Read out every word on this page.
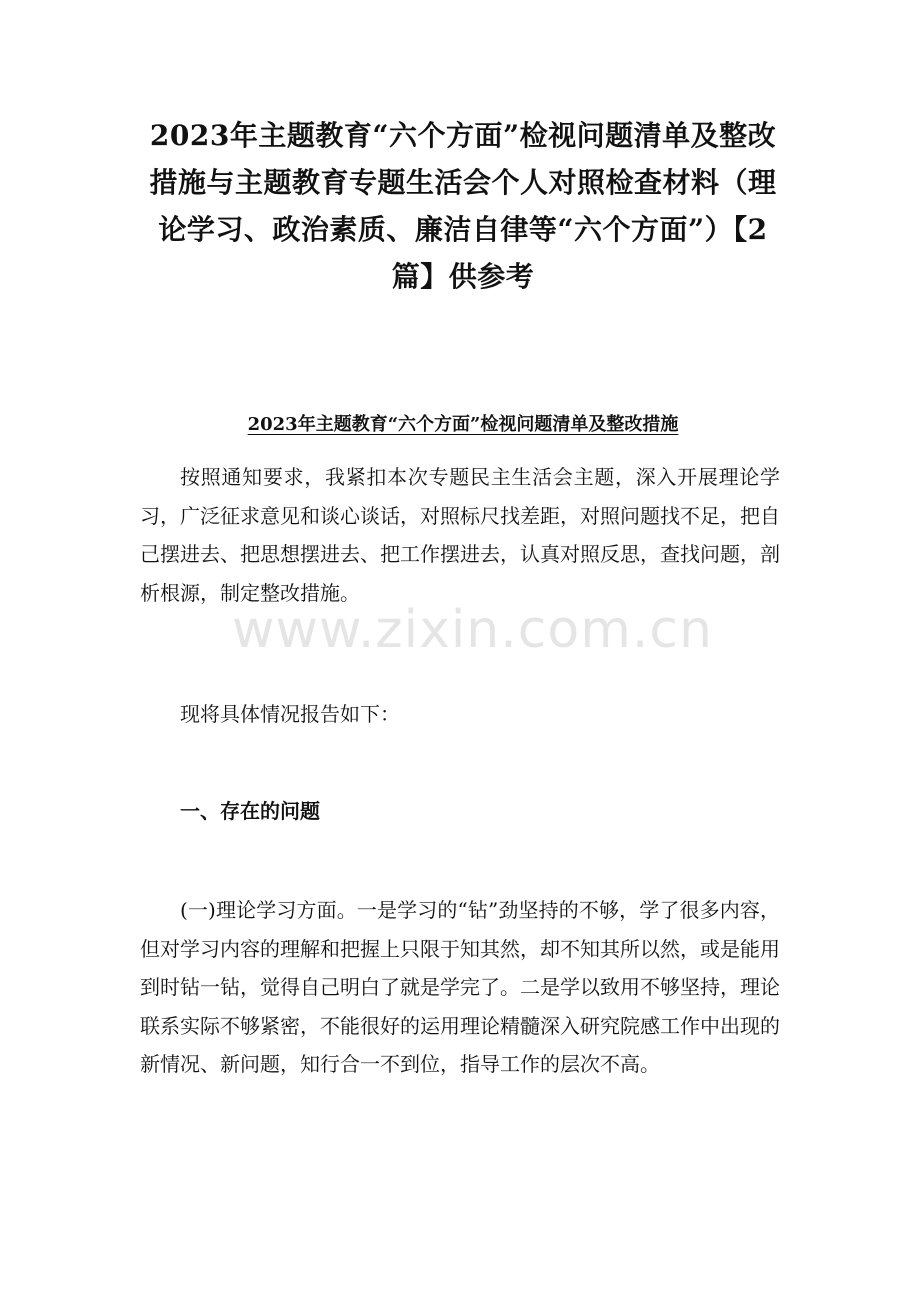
2023年主题教育“六个方面”检视问题清单及整改措施与主题教育专题生活会个人对照检查材料（理论学习、政治素质、廉洁自律等“六个方面”）【2篇】供参考
2023年主题教育“六个方面”检视问题清单及整改措施

按照通知要求，我紧扣本次专题民主生活会主题，深入开展理论学习，广泛征求意见和谈心谈话，对照标尺找差距，对照问题找不足，把自己摆进去、把思想摆进去、把工作摆进去，认真对照反思，查找问题，剖析根源，制定整改措施。

现将具体情况报告如下：

一、存在的问题

(一)理论学习方面。一是学习的“钻”劲坚持的不够，学了很多内容，但对学习内容的理解和把握上只限于知其然，却不知其所以然，或是能用到时钻一钻，觉得自己明白了就是学完了。二是学以致用不够坚持，理论联系实际不够紧密，不能很好的运用理论精髓深入研究院感工作中出现的新情况、新问题，知行合一不到位，指导工作的层次不高。

www.zixin.com.cn
